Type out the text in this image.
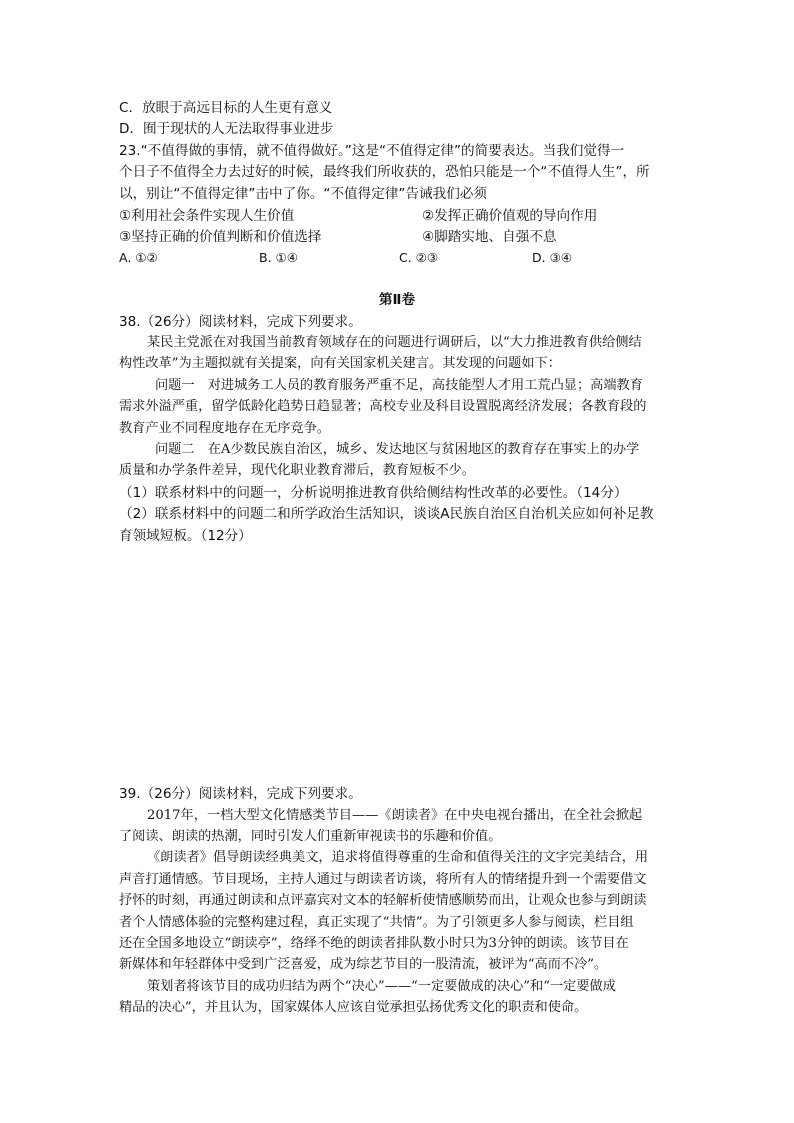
C．放眼于高远目标的人生更有意义
D．囿于现状的人无法取得事业进步
23.“不值得做的事情，就不值得做好。”这是“不值得定律”的简要表达。当我们觉得一
个日子不值得全力去过好的时候，最终我们所收获的，恐怕只能是一个“不值得人生”，所
以，别让“不值得定律”击中了你。“不值得定律”告诫我们必须
①利用社会条件实现人生价值	②发挥正确价值观的导向作用
③坚持正确的价值判断和价值选择	④脚踏实地、自强不息
A. ①②	B. ①④	C. ②③	D. ③④
第Ⅱ卷
38.（26分）阅读材料，完成下列要求。
某民主党派在对我国当前教育领域存在的问题进行调研后，以“大力推进教育供给侧结
构性改革”为主题拟就有关提案，向有关国家机关建言。其发现的问题如下：
问题一　对进城务工人员的教育服务严重不足，高技能型人才用工荒凸显；高端教育
需求外溢严重，留学低龄化趋势日趋显著；高校专业及科目设置脱离经济发展；各教育段的
教育产业不同程度地存在无序竞争。
问题二　在A少数民族自治区，城乡、发达地区与贫困地区的教育存在事实上的办学
质量和办学条件差异，现代化职业教育滞后，教育短板不少。
（1）联系材料中的问题一，分析说明推进教育供给侧结构性改革的必要性。（14分）
（2）联系材料中的问题二和所学政治生活知识，谈谈A民族自治区自治机关应如何补足教
育领域短板。（12分）
39.（26分）阅读材料，完成下列要求。
2017年，一档大型文化情感类节目——《朗读者》在中央电视台播出，在全社会掀起
了阅读、朗读的热潮，同时引发人们重新审视读书的乐趣和价值。
《朗读者》倡导朗读经典美文，追求将值得尊重的生命和值得关注的文字完美结合，用
声音打通情感。节目现场，主持人通过与朗读者访谈，将所有人的情绪提升到一个需要借文
抒怀的时刻，再通过朗读和点评嘉宾对文本的轻解析使情感顺势而出，让观众也参与到朗读
者个人情感体验的完整构建过程，真正实现了“共情”。为了引领更多人参与阅读，栏目组
还在全国多地设立“朗读亭”，络绎不绝的朗读者排队数小时只为3分钟的朗读。该节目在
新媒体和年轻群体中受到广泛喜爱，成为综艺节目的一股清流，被评为“高而不冷”。
策划者将该节目的成功归结为两个“决心”——“一定要做成的决心”和“一定要做成
精品的决心”，并且认为，国家媒体人应该自觉承担弘扬优秀文化的职责和使命。
